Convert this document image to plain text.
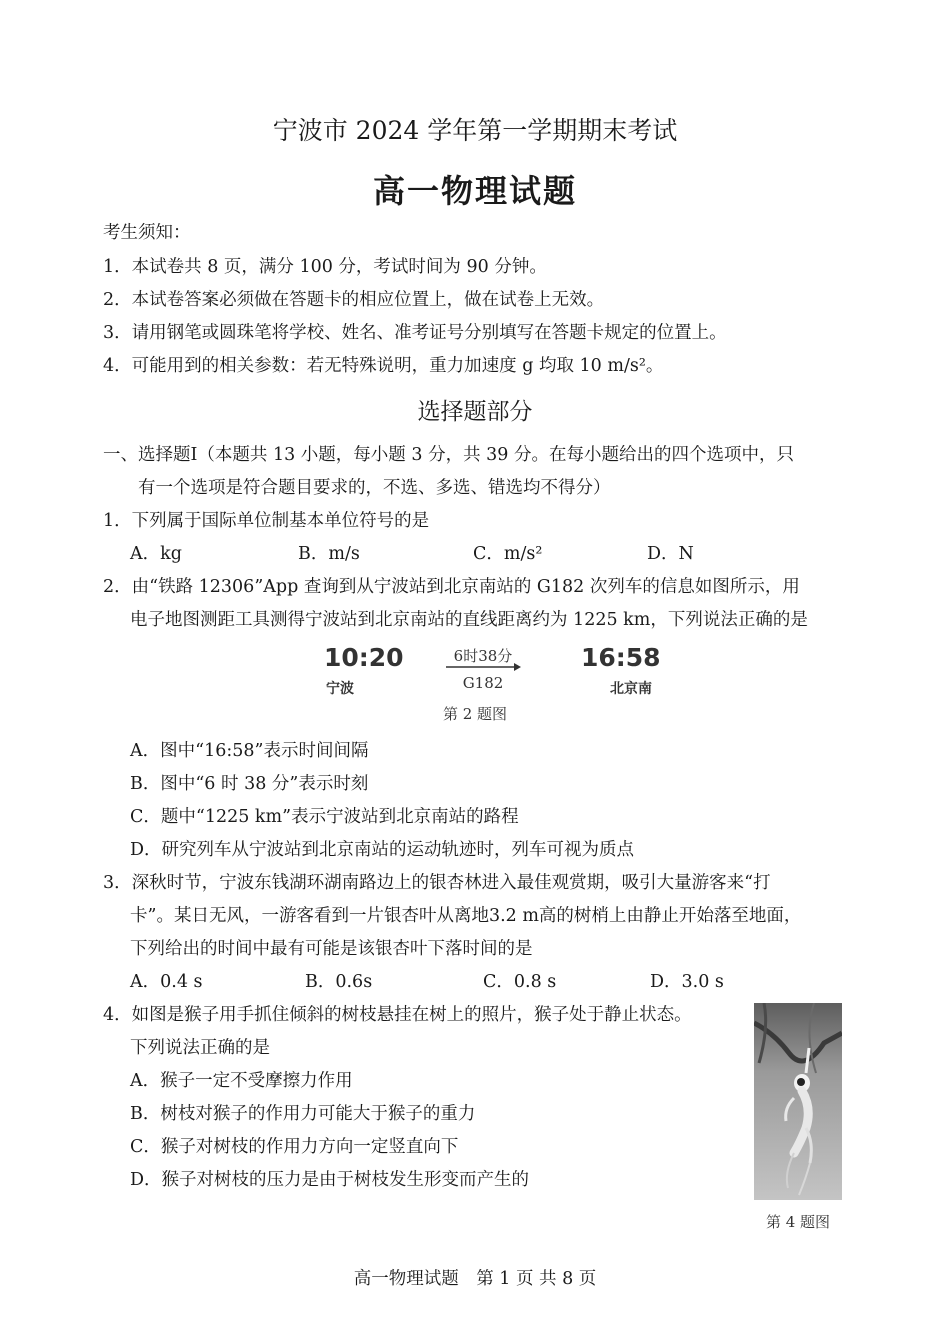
宁波市 2024 学年第一学期期末考试
高一物理试题
考生须知：
1．本试卷共 8 页，满分 100 分，考试时间为 90 分钟。
2．本试卷答案必须做在答题卡的相应位置上，做在试卷上无效。
3．请用钢笔或圆珠笔将学校、姓名、准考证号分别填写在答题卡规定的位置上。
4．可能用到的相关参数：若无特殊说明，重力加速度 g 均取 10 m/s²。
选择题部分
一、选择题Ⅰ（本题共 13 小题，每小题 3 分，共 39 分。在每小题给出的四个选项中，只
有一个选项是符合题目要求的，不选、多选、错选均不得分）
1．下列属于国际单位制基本单位符号的是
A．kg	B．m/s	C．m/s²	D．N
2．由“铁路 12306”App 查询到从宁波站到北京南站的 G182 次列车的信息如图所示，用
电子地图测距工具测得宁波站到北京南站的直线距离约为 1225 km，下列说法正确的是
10:20
宁波
6时38分
G182
16:58
北京南
第 2 题图
A．图中“16:58”表示时间间隔
B．图中“6 时 38 分”表示时刻
C．题中“1225 km”表示宁波站到北京南站的路程
D．研究列车从宁波站到北京南站的运动轨迹时，列车可视为质点
3．深秋时节，宁波东钱湖环湖南路边上的银杏林进入最佳观赏期，吸引大量游客来“打
卡”。某日无风，一游客看到一片银杏叶从离地3.2 m高的树梢上由静止开始落至地面，
下列给出的时间中最有可能是该银杏叶下落时间的是
A．0.4 s	B．0.6s	C．0.8 s	D．3.0 s
4．如图是猴子用手抓住倾斜的树枝悬挂在树上的照片，猴子处于静止状态。
下列说法正确的是
A．猴子一定不受摩擦力作用
B．树枝对猴子的作用力可能大于猴子的重力
C．猴子对树枝的作用力方向一定竖直向下
D．猴子对树枝的压力是由于树枝发生形变而产生的
第 4 题图
高一物理试题　第 1 页 共 8 页
